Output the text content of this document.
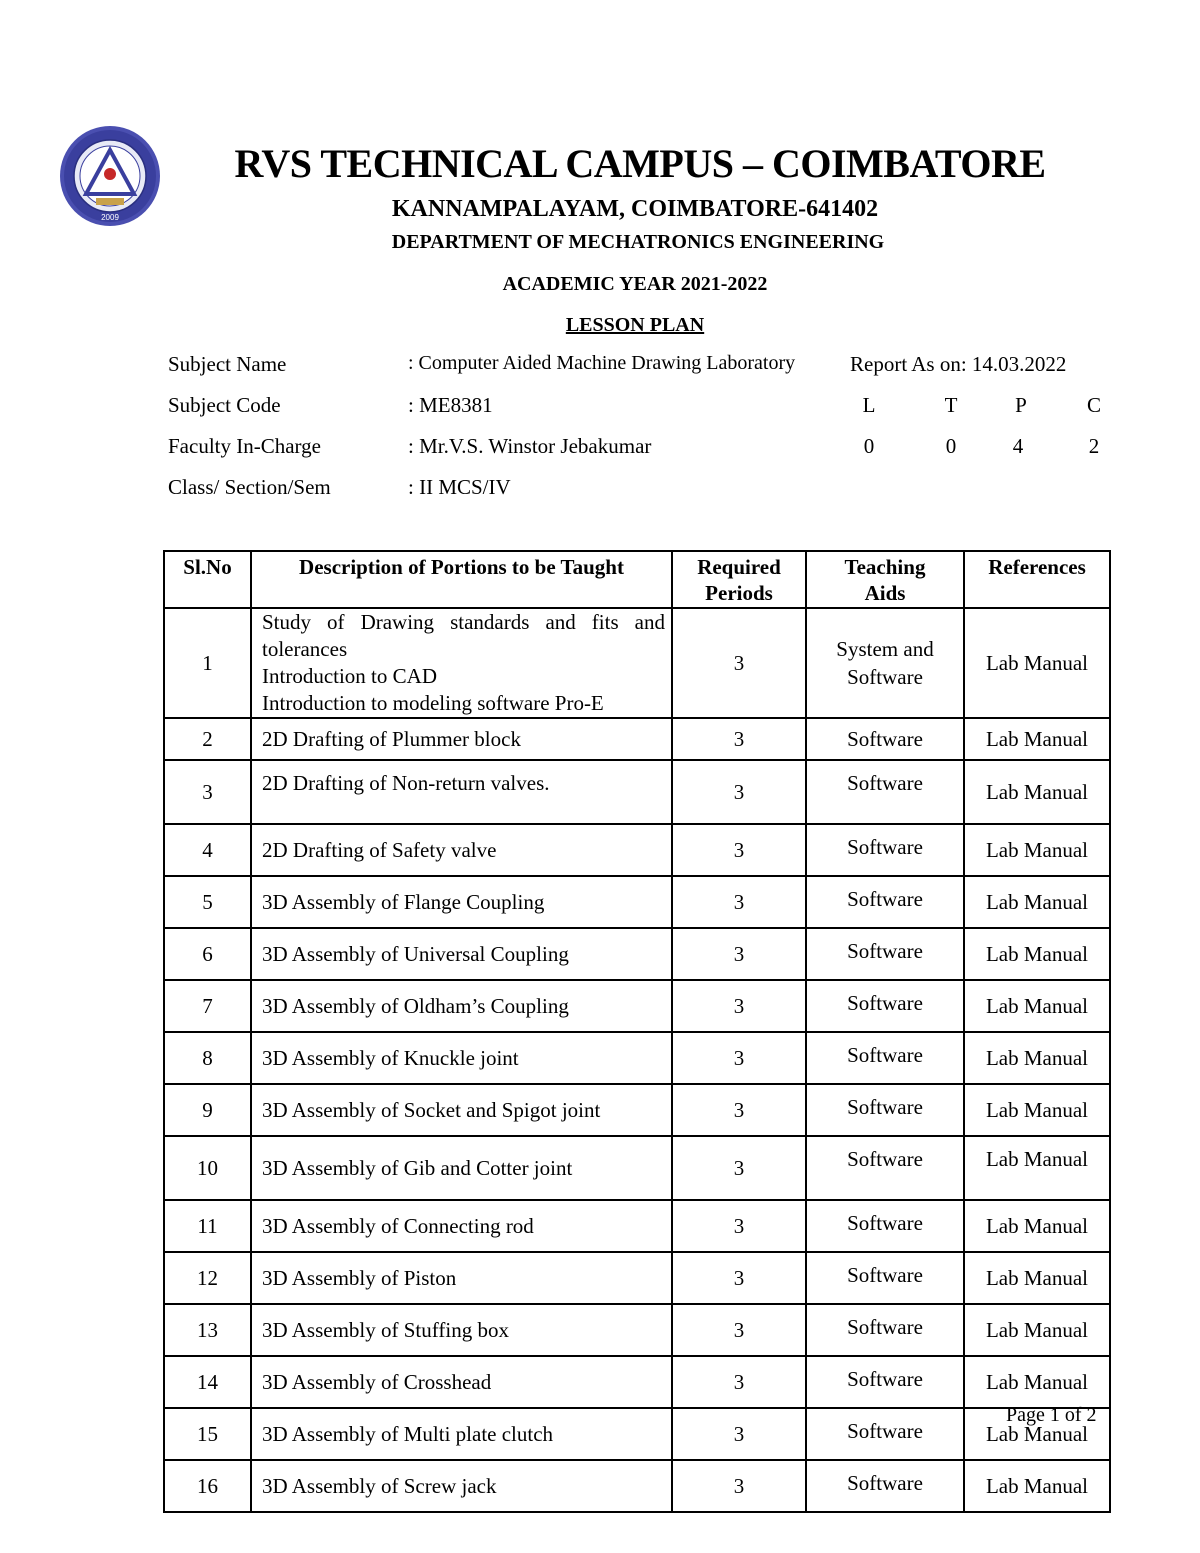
2009
RVS TECHNICAL CAMPUS – COIMBATORE
KANNAMPALAYAM, COIMBATORE-641402
DEPARTMENT OF MECHATRONICS ENGINEERING
ACADEMIC YEAR 2021-2022
LESSON PLAN
Subject Name	: Computer Aided Machine Drawing Laboratory	Report As on: 14.03.2022
Subject Code	: ME8381	L	T	P	C
Faculty In-Charge	: Mr.V.S. Winstor Jebakumar	0	0	4	2
Class/ Section/Sem	: II MCS/IV
Sl.No	Description of Portions to be Taught	Required Periods	Teaching Aids	References
1	Study of Drawing standards and fits and tolerances
Introduction to CAD
Introduction to modeling software Pro-E	3	System and Software	Lab Manual
2	2D Drafting of Plummer block	3	Software	Lab Manual
3	2D Drafting of Non-return valves.	3	Software	Lab Manual
4	2D Drafting of Safety valve	3	Software	Lab Manual
5	3D Assembly of Flange Coupling	3	Software	Lab Manual
6	3D Assembly of Universal Coupling	3	Software	Lab Manual
7	3D Assembly of Oldham’s Coupling	3	Software	Lab Manual
8	3D Assembly of Knuckle joint	3	Software	Lab Manual
9	3D Assembly of Socket and Spigot joint	3	Software	Lab Manual
10	3D Assembly of Gib and Cotter joint	3	Software	Lab Manual
11	3D Assembly of Connecting rod	3	Software	Lab Manual
12	3D Assembly of Piston	3	Software	Lab Manual
13	3D Assembly of Stuffing box	3	Software	Lab Manual
14	3D Assembly of Crosshead	3	Software	Lab Manual
15	3D Assembly of Multi plate clutch	3	Software	Lab Manual
16	3D Assembly of Screw jack	3	Software	Lab Manual
Page 1 of 2
